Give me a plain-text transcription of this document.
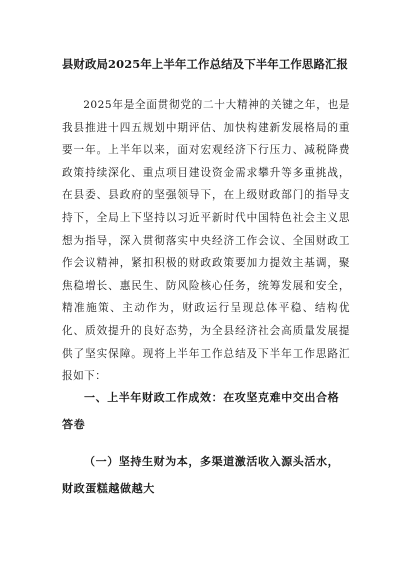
县财政局2025年上半年工作总结及下半年工作思路汇报

2025年是全面贯彻党的二十大精神的关键之年，也是我县推进十四五规划中期评估、加快构建新发展格局的重要一年。上半年以来，面对宏观经济下行压力、减税降费政策持续深化、重点项目建设资金需求攀升等多重挑战，在县委、县政府的坚强领导下，在上级财政部门的指导支持下，全局上下坚持以习近平新时代中国特色社会主义思想为指导，深入贯彻落实中央经济工作会议、全国财政工作会议精神，紧扣积极的财政政策要加力提效主基调，聚焦稳增长、惠民生、防风险核心任务，统筹发展和安全，精准施策、主动作为，财政运行呈现总体平稳、结构优化、质效提升的良好态势，为全县经济社会高质量发展提供了坚实保障。现将上半年工作总结及下半年工作思路汇报如下：

一、上半年财政工作成效：在攻坚克难中交出合格答卷

（一）坚持生财为本，多渠道激活收入源头活水，财政蛋糕越做越大
